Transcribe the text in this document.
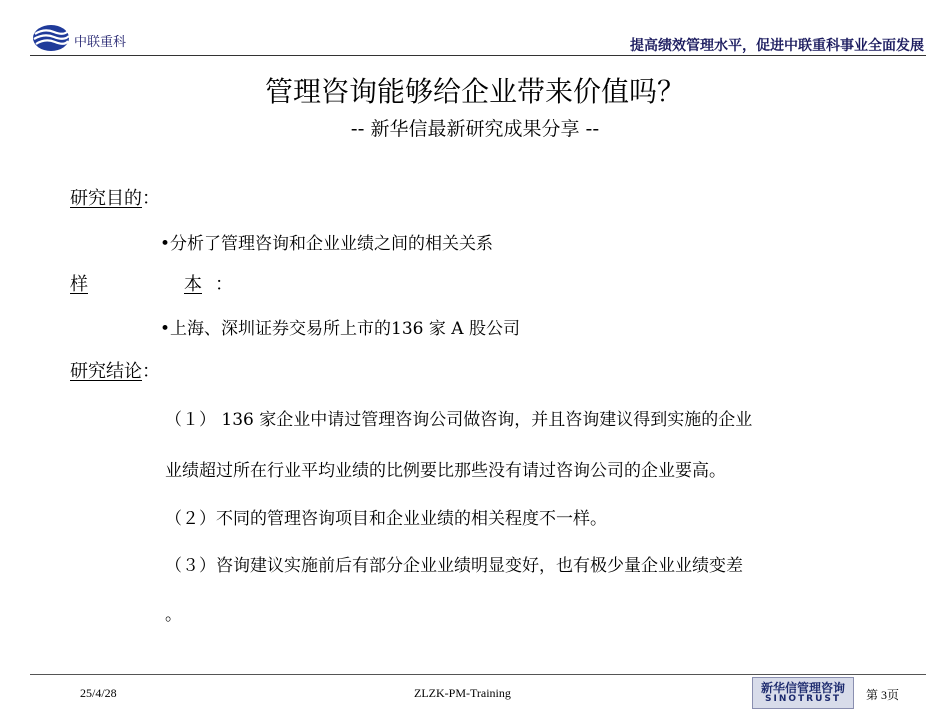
中联重科	提高绩效管理水平，促进中联重科事业全面发展
管理咨询能够给企业带来价值吗？
-- 新华信最新研究成果分享 --
研究目的：
•分析了管理咨询和企业业绩之间的相关关系
样	本 ：
•上海、深圳证券交易所上市的136 家 A 股公司
研究结论：
（１） 136 家企业中请过管理咨询公司做咨询，并且咨询建议得到实施的企业
业绩超过所在行业平均业绩的比例要比那些没有请过咨询公司的企业要高。
（２）不同的管理咨询项目和企业业绩的相关程度不一样。
（３）咨询建议实施前后有部分企业业绩明显变好，也有极少量企业业绩变差
。
25/4/28	ZLZK-PM-Training	新华信管理咨询
SINOTRUST	第 3页
